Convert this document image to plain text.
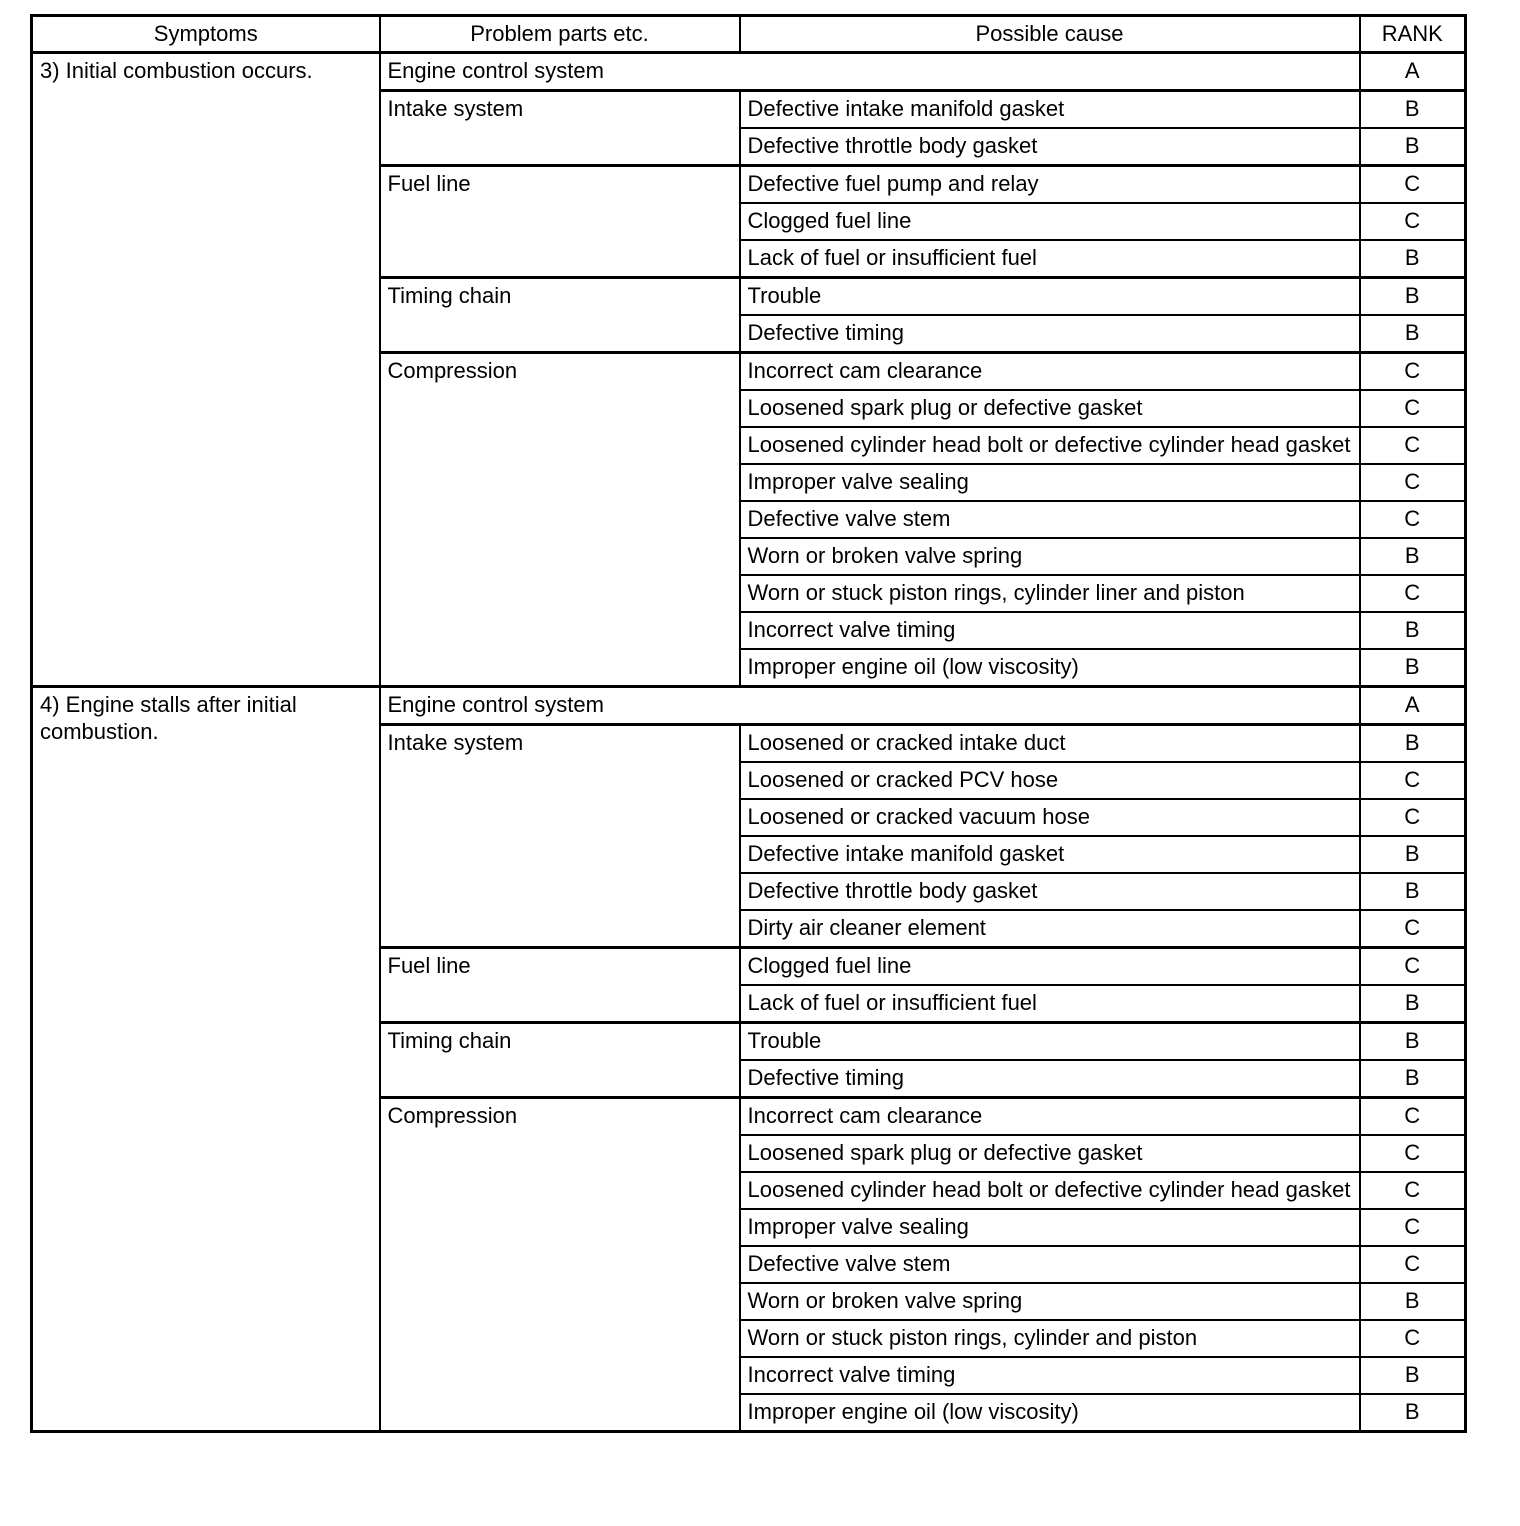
Symptoms	Problem parts etc.	Possible cause	RANK
3) Initial combustion occurs.	Engine control system		A
	Intake system	Defective intake manifold gasket	B
		Defective throttle body gasket	B
	Fuel line	Defective fuel pump and relay	C
		Clogged fuel line	C
		Lack of fuel or insufficient fuel	B
	Timing chain	Trouble	B
		Defective timing	B
	Compression	Incorrect cam clearance	C
		Loosened spark plug or defective gasket	C
		Loosened cylinder head bolt or defective cylinder head gasket	C
		Improper valve sealing	C
		Defective valve stem	C
		Worn or broken valve spring	B
		Worn or stuck piston rings, cylinder liner and piston	C
		Incorrect valve timing	B
		Improper engine oil (low viscosity)	B
4) Engine stalls after initial combustion.	Engine control system		A
	Intake system	Loosened or cracked intake duct	B
		Loosened or cracked PCV hose	C
		Loosened or cracked vacuum hose	C
		Defective intake manifold gasket	B
		Defective throttle body gasket	B
		Dirty air cleaner element	C
	Fuel line	Clogged fuel line	C
		Lack of fuel or insufficient fuel	B
	Timing chain	Trouble	B
		Defective timing	B
	Compression	Incorrect cam clearance	C
		Loosened spark plug or defective gasket	C
		Loosened cylinder head bolt or defective cylinder head gasket	C
		Improper valve sealing	C
		Defective valve stem	C
		Worn or broken valve spring	B
		Worn or stuck piston rings, cylinder and piston	C
		Incorrect valve timing	B
		Improper engine oil (low viscosity)	B
